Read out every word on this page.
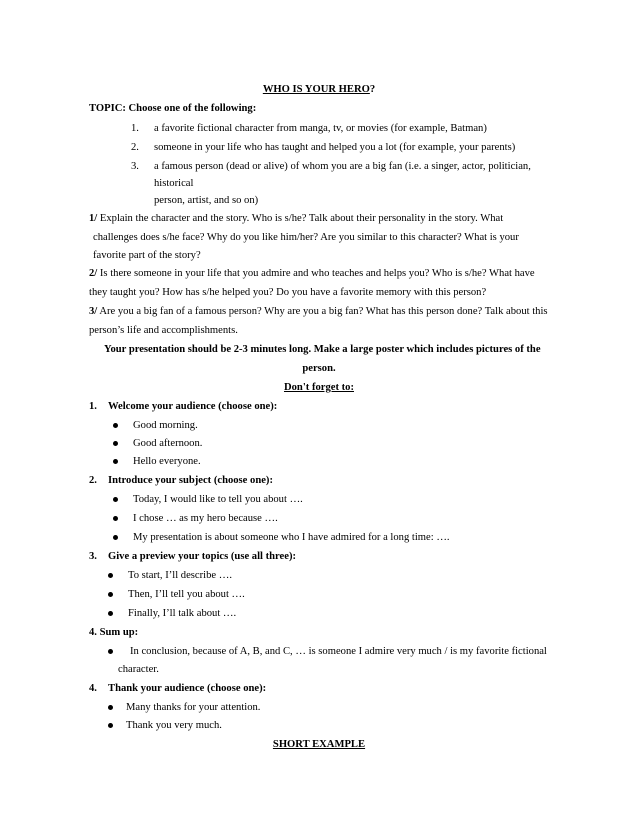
WHO IS YOUR HERO?
TOPIC: Choose one of the following:
1. a favorite fictional character from manga, tv, or movies (for example, Batman)
2. someone in your life who has taught and helped you a lot (for example, your parents)
3. a famous person (dead or alive) of whom you are a big fan (i.e. a singer, actor, politician,
historical
person, artist, and so on)
1/ Explain the character and the story. Who is s/he? Talk about their personality in the story. What
challenges does s/he face? Why do you like him/her? Are you similar to this character? What is your
favorite part of the story?
2/ Is there someone in your life that you admire and who teaches and helps you? Who is s/he? What have
they taught you? How has s/he helped you? Do you have a favorite memory with this person?
3/ Are you a big fan of a famous person? Why are you a big fan? What has this person done? Talk about this
person’s life and accomplishments.
Your presentation should be 2-3 minutes long. Make a large poster which includes pictures of the
person.
Don't forget to:
1. Welcome your audience (choose one):
Good morning.
Good afternoon.
Hello everyone.
2. Introduce your subject (choose one):
Today, I would like to tell you about ….
I chose … as my hero because ….
My presentation is about someone who I have admired for a long time: ….
3. Give a preview your topics (use all three):
To start, I’ll describe ….
Then, I’ll tell you about ….
Finally, I’ll talk about ….
4. Sum up:
In conclusion, because of A, B, and C, … is someone I admire very much / is my favorite fictional
character.
4. Thank your audience (choose one):
Many thanks for your attention.
Thank you very much.
SHORT EXAMPLE
